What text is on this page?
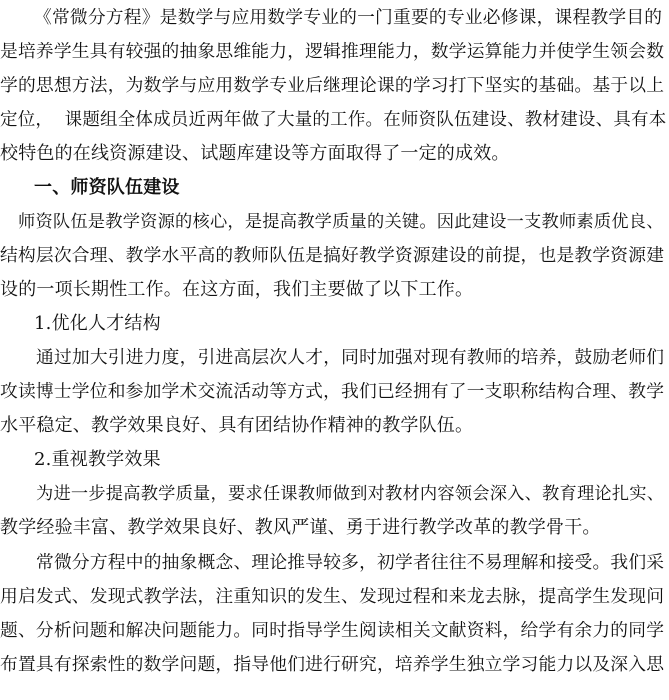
《常微分方程》是数学与应用数学专业的一门重要的专业必修课，课程教学目的
是培养学生具有较强的抽象思维能力，逻辑推理能力，数学运算能力并使学生领会数
学的思想方法，为数学与应用数学专业后继理论课的学习打下坚实的基础。基于以上
定位，  课题组全体成员近两年做了大量的工作。在师资队伍建设、教材建设、具有本
校特色的在线资源建设、试题库建设等方面取得了一定的成效。
一、师资队伍建设
师资队伍是教学资源的核心，是提高教学质量的关键。因此建设一支教师素质优良、
结构层次合理、教学水平高的教师队伍是搞好教学资源建设的前提，也是教学资源建
设的一项长期性工作。在这方面，我们主要做了以下工作。
1.优化人才结构
通过加大引进力度，引进高层次人才，同时加强对现有教师的培养，鼓励老师们
攻读博士学位和参加学术交流活动等方式，我们已经拥有了一支职称结构合理、教学
水平稳定、教学效果良好、具有团结协作精神的教学队伍。
2.重视教学效果
为进一步提高教学质量，要求任课教师做到对教材内容领会深入、教育理论扎实、
教学经验丰富、教学效果良好、教风严谨、勇于进行教学改革的教学骨干。
常微分方程中的抽象概念、理论推导较多，初学者往往不易理解和接受。我们采
用启发式、发现式教学法，注重知识的发生、发现过程和来龙去脉，提高学生发现问
题、分析问题和解决问题能力。同时指导学生阅读相关文献资料，给学有余力的同学
布置具有探索性的数学问题，指导他们进行研究，培养学生独立学习能力以及深入思
